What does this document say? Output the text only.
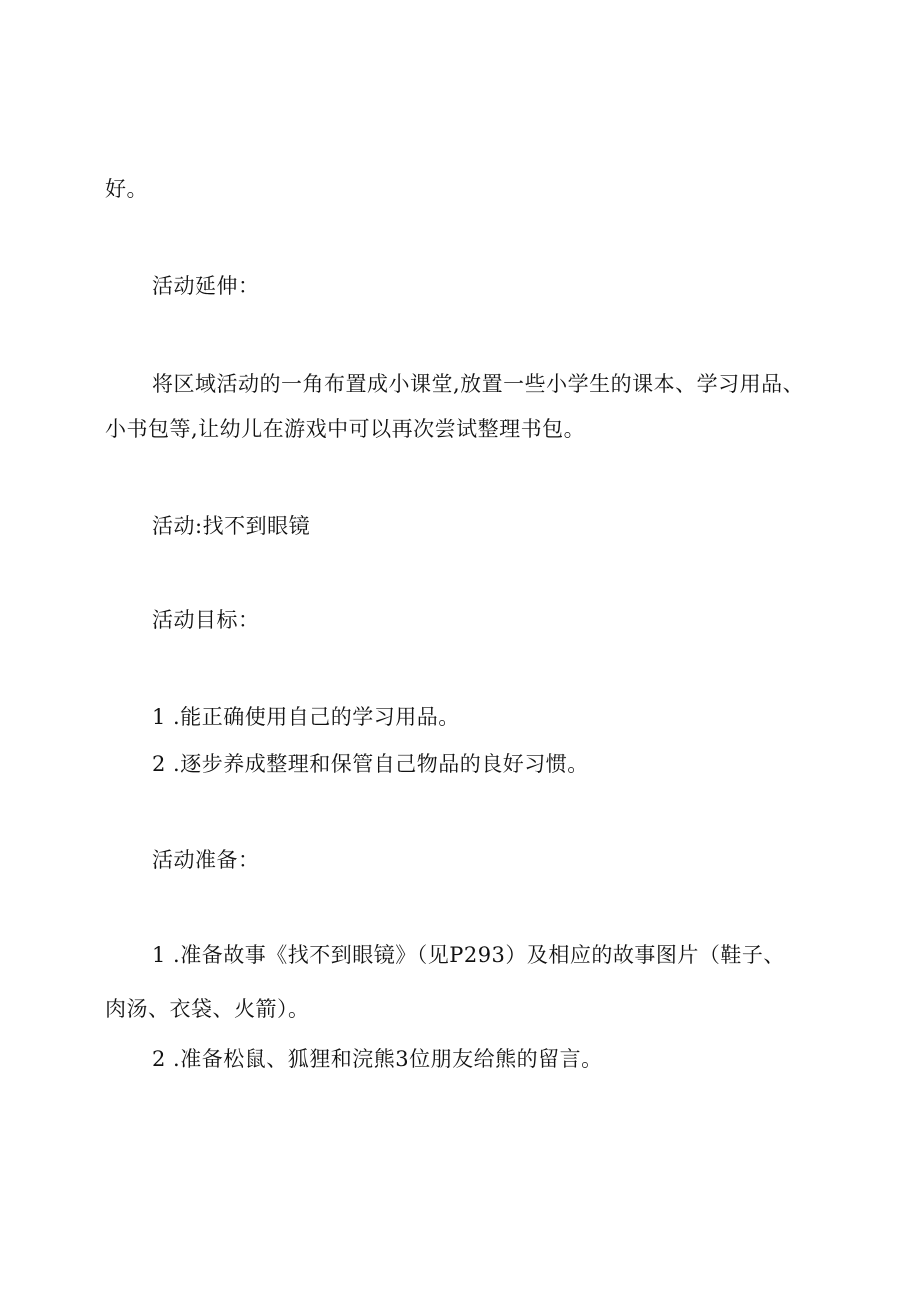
好。
活动延伸：
将区域活动的一角布置成小课堂,放置一些小学生的课本、学习用品、
小书包等,让幼儿在游戏中可以再次尝试整理书包。
活动:找不到眼镜
活动目标：
1 .能正确使用自己的学习用品。
2 .逐步养成整理和保管自己物品的良好习惯。
活动准备：
1 .准备故事《找不到眼镜》（见P293）及相应的故事图片（鞋子、
肉汤、衣袋、火箭）。
2 .准备松鼠、狐狸和浣熊3位朋友给熊的留言。
